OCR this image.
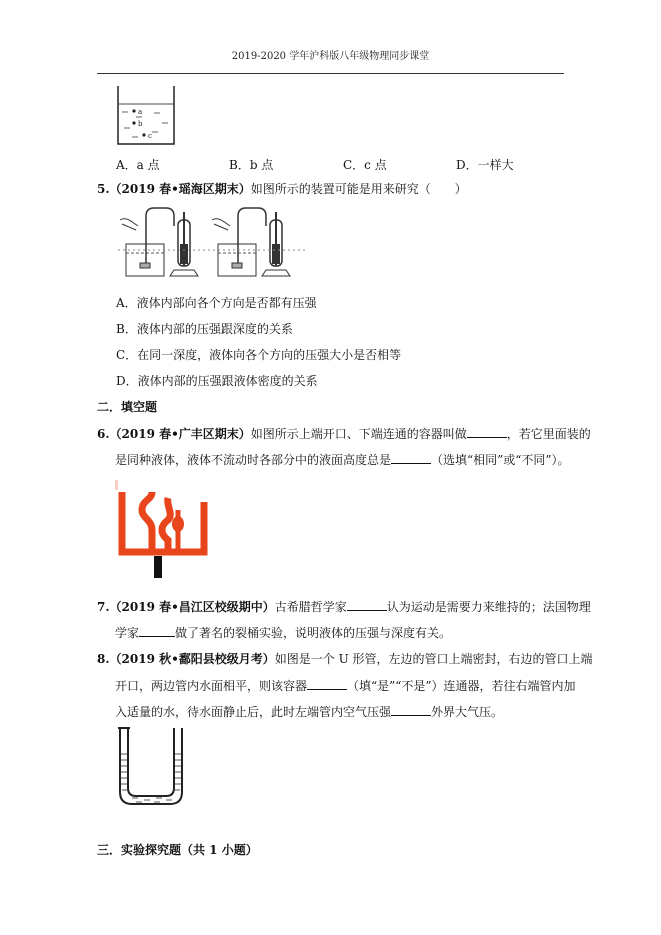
2019-2020 学年沪科版八年级物理同步课堂
a
b
c
A．a 点	B．b 点	C．c 点	D．一样大
5.（2019 春•瑶海区期末）如图所示的装置可能是用来研究（　　）
A．液体内部向各个方向是否都有压强
B．液体内部的压强跟深度的关系
C．在同一深度，液体向各个方向的压强大小是否相等
D．液体内部的压强跟液体密度的关系
二．填空题
6.（2019 春•广丰区期末）如图所示上端开口、下端连通的容器叫做	，若它里面装的
是同种液体，液体不流动时各部分中的液面高度总是	（选填“相同”或“不同”）。
7.（2019 春•昌江区校级期中）古希腊哲学家	认为运动是需要力来维持的；法国物理
学家	做了著名的裂桶实验，说明液体的压强与深度有关。
8.（2019 秋•鄱阳县校级月考）如图是一个 U 形管，左边的管口上端密封，右边的管口上端
开口，两边管内水面相平，则该容器	（填“是”“不是”）连通器，若往右端管内加
入适量的水，待水面静止后，此时左端管内空气压强	外界大气压。
三．实验探究题（共 1 小题）
